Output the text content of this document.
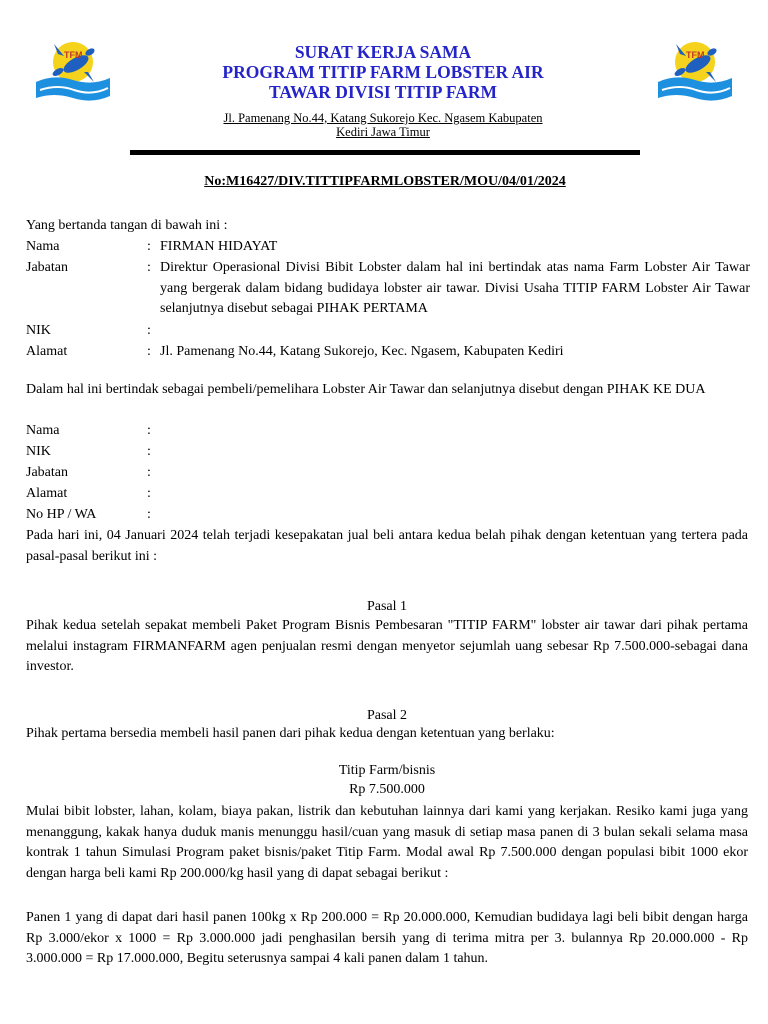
TFM	TFM
SURAT KERJA SAMA
PROGRAM TITIP FARM LOBSTER AIR
TAWAR DIVISI TITIP FARM
Jl. Pamenang No.44, Katang Sukorejo Kec. Ngasem Kabupaten
Kediri Jawa Timur
No:M16427/DIV.TITTIPFARMLOBSTER/MOU/04/01/2024
Yang bertanda tangan di bawah ini :
Nama	: FIRMAN HIDAYAT
Jabatan	: Direktur Operasional Divisi Bibit Lobster dalam hal ini bertindak atas nama Farm Lobster Air Tawar yang bergerak dalam bidang budidaya lobster air tawar. Divisi Usaha TITIP FARM Lobster Air Tawar selanjutnya disebut sebagai PIHAK PERTAMA
NIK	:
Alamat	: Jl. Pamenang No.44, Katang Sukorejo, Kec. Ngasem, Kabupaten Kediri
Dalam hal ini bertindak sebagai pembeli/pemelihara Lobster Air Tawar dan selanjutnya disebut dengan PIHAK KE DUA
Nama	:
NIK	:
Jabatan	:
Alamat	:
No HP / WA	:
Pada hari ini, 04 Januari 2024 telah terjadi kesepakatan jual beli antara kedua belah pihak dengan ketentuan yang tertera pada pasal-pasal berikut ini :
Pasal 1
Pihak kedua setelah sepakat membeli Paket Program Bisnis Pembesaran "TITIP FARM" lobster air tawar dari pihak pertama melalui instagram FIRMANFARM agen penjualan resmi dengan menyetor sejumlah uang sebesar Rp 7.500.000-sebagai dana investor.
Pasal 2
Pihak pertama bersedia membeli hasil panen dari pihak kedua dengan ketentuan yang berlaku:
Titip Farm/bisnis
Rp 7.500.000
Mulai bibit lobster, lahan, kolam, biaya pakan, listrik dan kebutuhan lainnya dari kami yang kerjakan. Resiko kami juga yang menanggung, kakak hanya duduk manis menunggu hasil/cuan yang masuk di setiap masa panen di 3 bulan sekali selama masa kontrak 1 tahun Simulasi Program paket bisnis/paket Titip Farm. Modal awal Rp 7.500.000 dengan populasi bibit 1000 ekor dengan harga beli kami Rp 200.000/kg hasil yang di dapat sebagai berikut :
Panen 1 yang di dapat dari hasil panen 100kg x Rp 200.000 = Rp 20.000.000, Kemudian budidaya lagi beli bibit dengan harga Rp 3.000/ekor x 1000 = Rp 3.000.000 jadi penghasilan bersih yang di terima mitra per 3. bulannya Rp 20.000.000 - Rp 3.000.000 = Rp 17.000.000, Begitu seterusnya sampai 4 kali panen dalam 1 tahun.
